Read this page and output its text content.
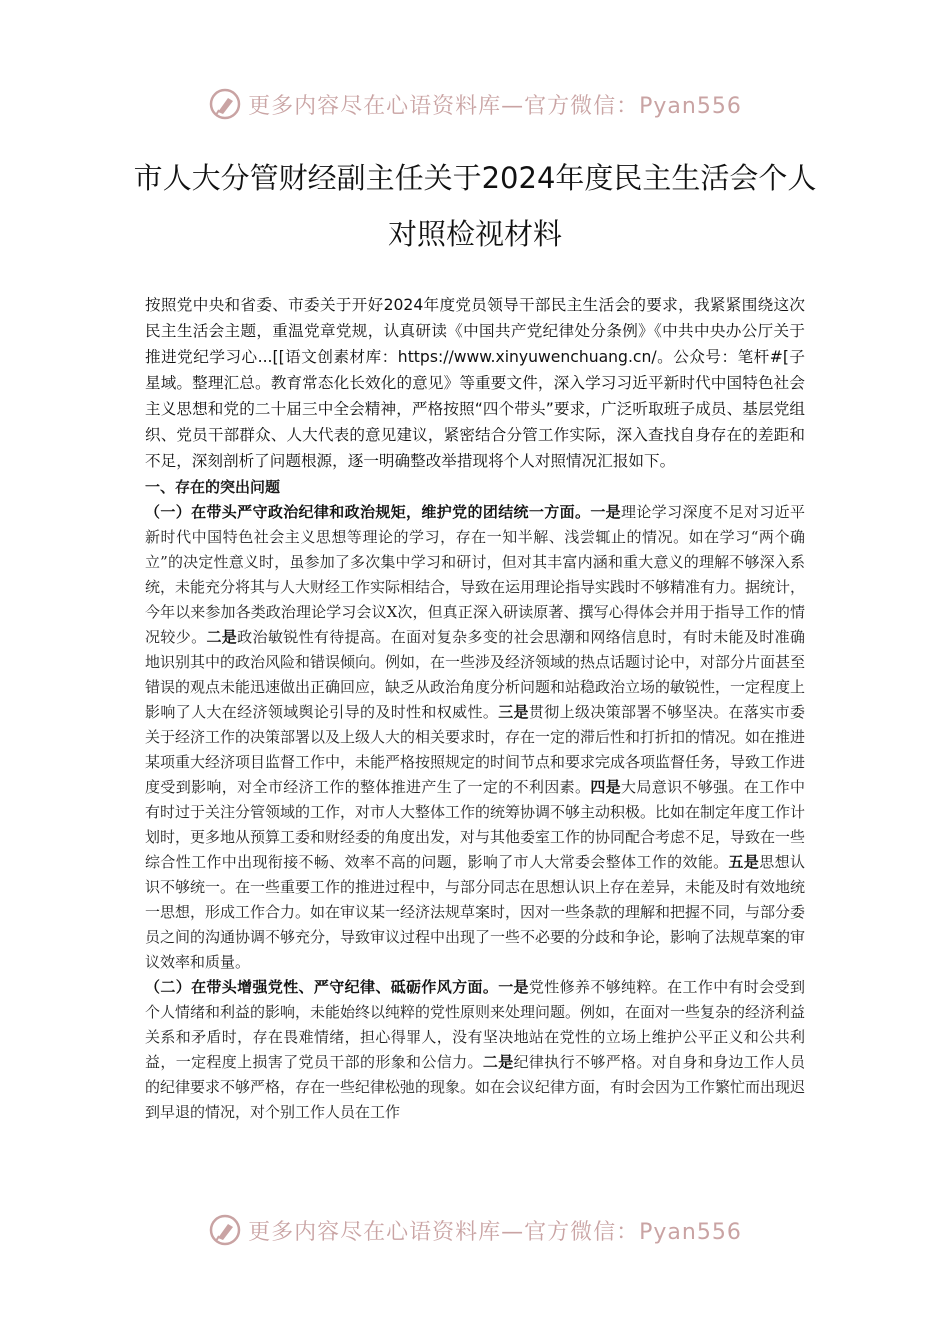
更多内容尽在心语资料库—官方微信：Pyan556
市人大分管财经副主任关于2024年度民主生活会个人对照检视材料

按照党中央和省委、市委关于开好2024年度党员领导干部民主生活会的要求，我紧紧围绕这次民主生活会主题，重温党章党规，认真研读《中国共产党纪律处分条例》《中共中央办公厅关于推进党纪学习心...[[语文创素材库：https://www.xinyuwenchuang.cn/。公众号：笔杆#[子星域。整理汇总。教育常态化长效化的意见》等重要文件，深入学习习近平新时代中国特色社会主义思想和党的二十届三中全会精神，严格按照“四个带头”要求，广泛听取班子成员、基层党组织、党员干部群众、人大代表的意见建议，紧密结合分管工作实际，深入查找自身存在的差距和不足，深刻剖析了问题根源，逐一明确整改举措现将个人对照情况汇报如下。

一、存在的突出问题

（一）在带头严守政治纪律和政治规矩，维护党的团结统一方面。一是理论学习深度不足对习近平新时代中国特色社会主义思想等理论的学习，存在一知半解、浅尝辄止的情况。如在学习“两个确立”的决定性意义时，虽参加了多次集中学习和研讨，但对其丰富内涵和重大意义的理解不够深入系统，未能充分将其与人大财经工作实际相结合，导致在运用理论指导实践时不够精准有力。据统计，今年以来参加各类政治理论学习会议X次，但真正深入研读原著、撰写心得体会并用于指导工作的情况较少。二是政治敏锐性有待提高。在面对复杂多变的社会思潮和网络信息时，有时未能及时准确地识别其中的政治风险和错误倾向。例如，在一些涉及经济领域的热点话题讨论中，对部分片面甚至错误的观点未能迅速做出正确回应，缺乏从政治角度分析问题和站稳政治立场的敏锐性，一定程度上影响了人大在经济领域舆论引导的及时性和权威性。三是贯彻上级决策部署不够坚决。在落实市委关于经济工作的决策部署以及上级人大的相关要求时，存在一定的滞后性和打折扣的情况。如在推进某项重大经济项目监督工作中，未能严格按照规定的时间节点和要求完成各项监督任务，导致工作进度受到影响，对全市经济工作的整体推进产生了一定的不利因素。四是大局意识不够强。在工作中有时过于关注分管领域的工作，对市人大整体工作的统筹协调不够主动积极。比如在制定年度工作计划时，更多地从预算工委和财经委的角度出发，对与其他委室工作的协同配合考虑不足，导致在一些综合性工作中出现衔接不畅、效率不高的问题，影响了市人大常委会整体工作的效能。五是思想认识不够统一。在一些重要工作的推进过程中，与部分同志在思想认识上存在差异，未能及时有效地统一思想，形成工作合力。如在审议某一经济法规草案时，因对一些条款的理解和把握不同，与部分委员之间的沟通协调不够充分，导致审议过程中出现了一些不必要的分歧和争论，影响了法规草案的审议效率和质量。

（二）在带头增强党性、严守纪律、砥砺作风方面。一是党性修养不够纯粹。在工作中有时会受到个人情绪和利益的影响，未能始终以纯粹的党性原则来处理问题。例如，在面对一些复杂的经济利益关系和矛盾时，存在畏难情绪，担心得罪人，没有坚决地站在党性的立场上维护公平正义和公共利益，一定程度上损害了党员干部的形象和公信力。二是纪律执行不够严格。对自身和身边工作人员的纪律要求不够严格，存在一些纪律松弛的现象。如在会议纪律方面，有时会因为工作繁忙而出现迟到早退的情况，对个别工作人员在工作

更多内容尽在心语资料库—官方微信：Pyan556
